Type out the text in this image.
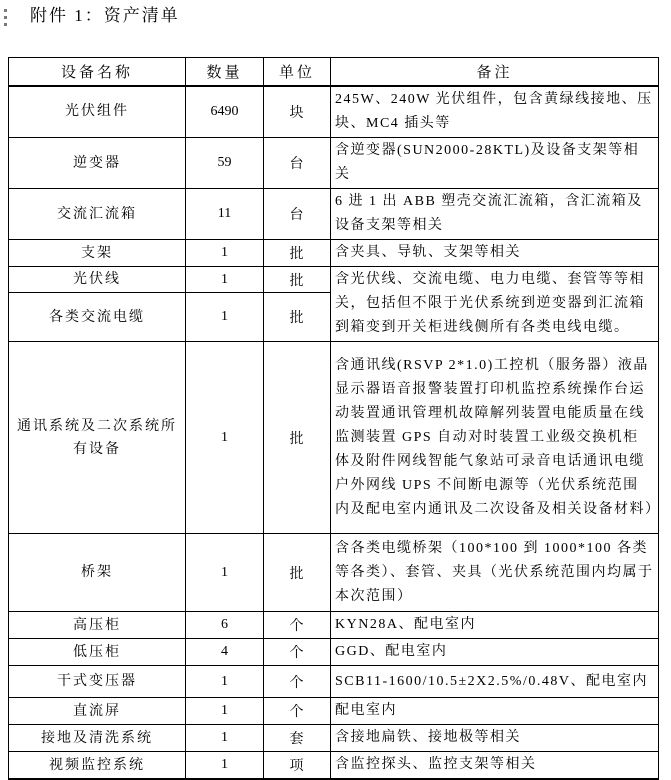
附件 1：资产清单
设备名称	数量	单位	备注
光伏组件	6490	块	245W、240W 光伏组件，包含黄绿线接地、压块、MC4 插头等
逆变器	59	台	含逆变器(SUN2000-28KTL)及设备支架等相关
交流汇流箱	11	台	6 进 1 出 ABB 塑壳交流汇流箱，含汇流箱及设备支架等相关
支架	1	批	含夹具、导轨、支架等相关
光伏线	1	批	含光伏线、交流电缆、电力电缆、套管等等相关，包括但不限于光伏系统到逆变器到汇流箱到箱变到开关柜进线侧所有各类电线电缆。
各类交流电缆	1	批	
通讯系统及二次系统所有设备	1	批	含通讯线(RSVP 2*1.0)工控机（服务器）液晶显示器语音报警装置打印机监控系统操作台运动装置通讯管理机故障解列装置电能质量在线监测装置 GPS 自动对时装置工业级交换机柜体及附件网线智能气象站可录音电话通讯电缆户外网线 UPS 不间断电源等（光伏系统范围内及配电室内通讯及二次设备及相关设备材料）
桥架	1	批	含各类电缆桥架（100*100 到 1000*100 各类等各类）、套管、夹具（光伏系统范围内均属于本次范围）
高压柜	6	个	KYN28A、配电室内
低压柜	4	个	GGD、配电室内
干式变压器	1	个	SCB11-1600/10.5±2X2.5%/0.48V、配电室内
直流屏	1	个	配电室内
接地及清洗系统	1	套	含接地扁铁、接地极等相关
视频监控系统	1	项	含监控探头、监控支架等相关
